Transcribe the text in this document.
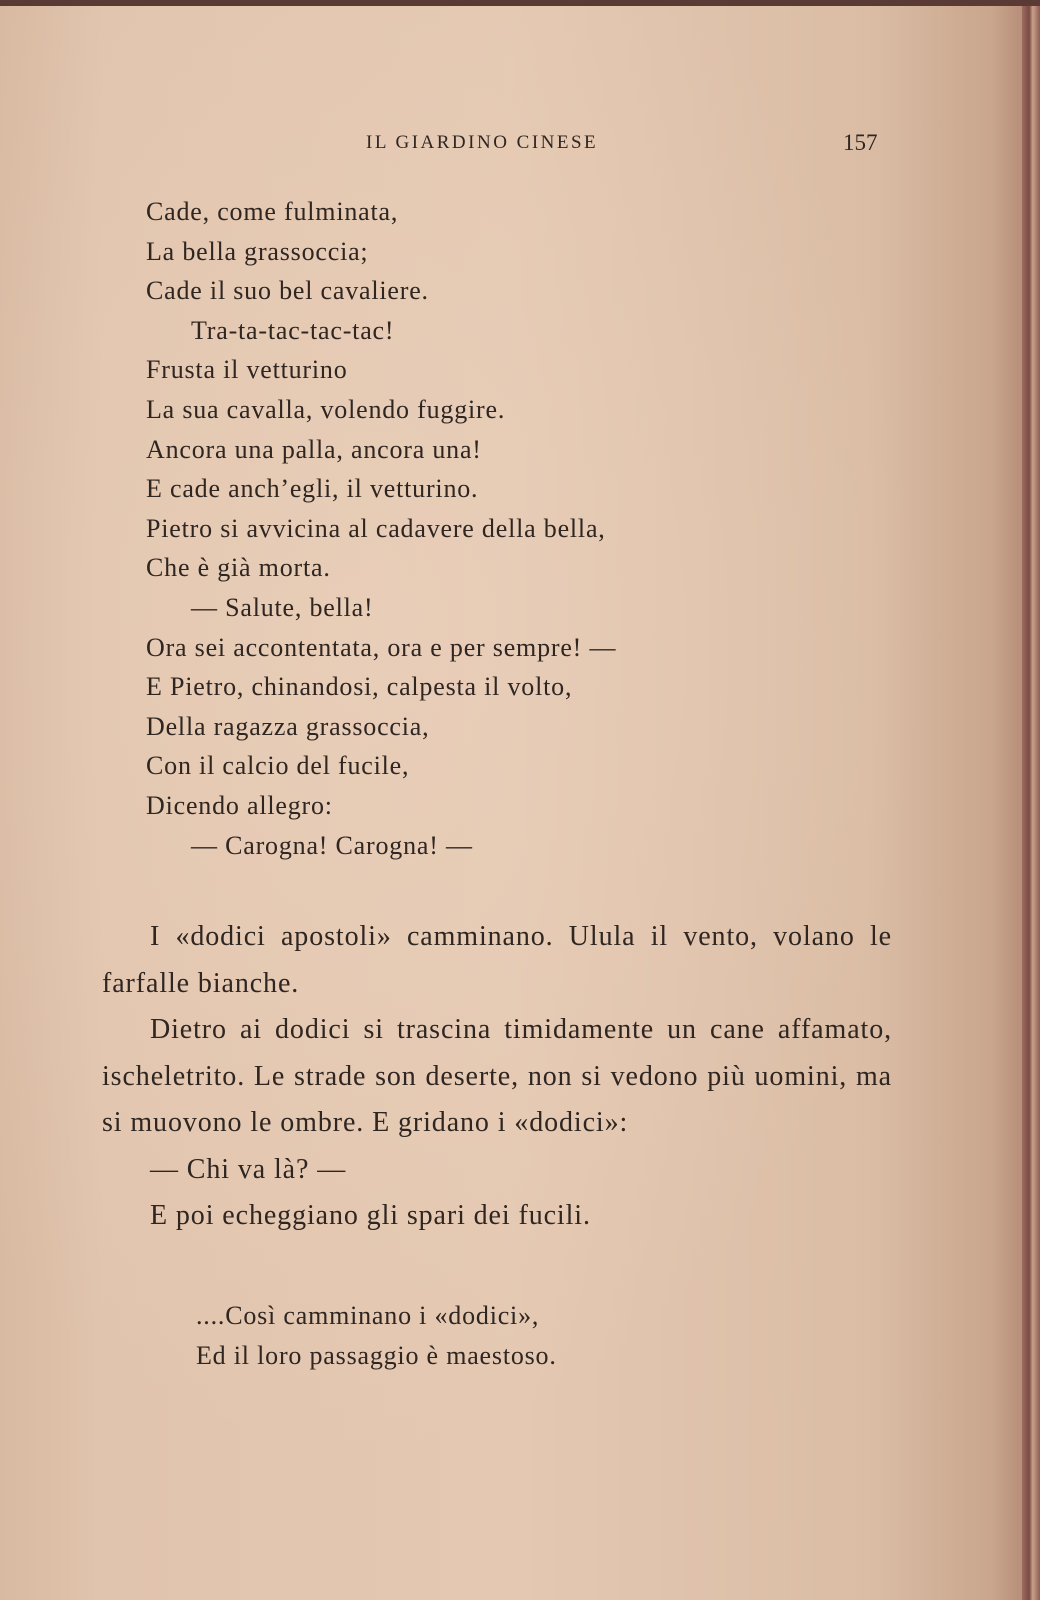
IL GIARDINO CINESE	157
Cade, come fulminata,
La bella grassoccia;
Cade il suo bel cavaliere.
Tra-ta-tac-tac-tac!
Frusta il vetturino
La sua cavalla, volendo fuggire.
Ancora una palla, ancora una!
E cade anch’egli, il vetturino.
Pietro si avvicina al cadavere della bella,
Che è già morta.
— Salute, bella!
Ora sei accontentata, ora e per sempre! —
E Pietro, chinandosi, calpesta il volto,
Della ragazza grassoccia,
Con il calcio del fucile,
Dicendo allegro:
— Carogna! Carogna! —

I «dodici apostoli» camminano. Ulula il vento, volano le farfalle bianche.

Dietro ai dodici si trascina timidamente un cane affamato, ischeletrito. Le strade son deserte, non si vedono più uomini, ma si muovono le ombre. E gridano i «dodici»:

— Chi va là? —

E poi echeggiano gli spari dei fucili.

....Così camminano i «dodici»,
Ed il loro passaggio è maestoso.
